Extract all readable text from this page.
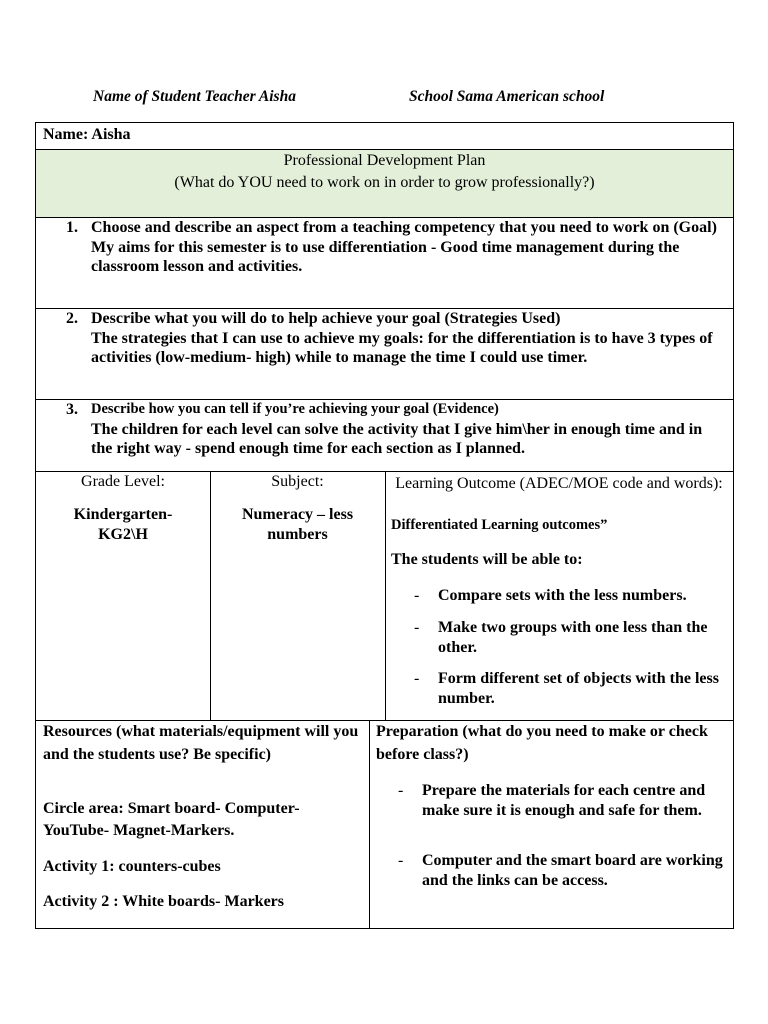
Name of Student Teacher Aisha	School Sama American school
Name: Aisha
Professional Development Plan
(What do YOU need to work on in order to grow professionally?)
1. Choose and describe an aspect from a teaching competency that you need to work on (Goal)
My aims for this semester is to use differentiation - Good time management during the classroom lesson and activities.
2. Describe what you will do to help achieve your goal (Strategies Used)
The strategies that I can use to achieve my goals: for the differentiation is to have 3 types of activities (low-medium- high) while to manage the time I could use timer.
3. Describe how you can tell if you’re achieving your goal (Evidence)
The children for each level can solve the activity that I give him\her in enough time and in the right way - spend enough time for each section as I planned.
Grade Level:
Kindergarten-KG2\H
Subject:
Numeracy – less numbers
Learning Outcome (ADEC/MOE code and words):
Differentiated Learning outcomes”
The students will be able to:
- Compare sets with the less numbers.
- Make two groups with one less than the other.
- Form different set of objects with the less number.
Resources (what materials/equipment will you and the students use? Be specific)
Circle area: Smart board- Computer- YouTube- Magnet-Markers.
Activity 1: counters-cubes
Activity 2 : White boards- Markers
Preparation (what do you need to make or check before class?)
- Prepare the materials for each centre and make sure it is enough and safe for them.
- Computer and the smart board are working and the links can be access.
